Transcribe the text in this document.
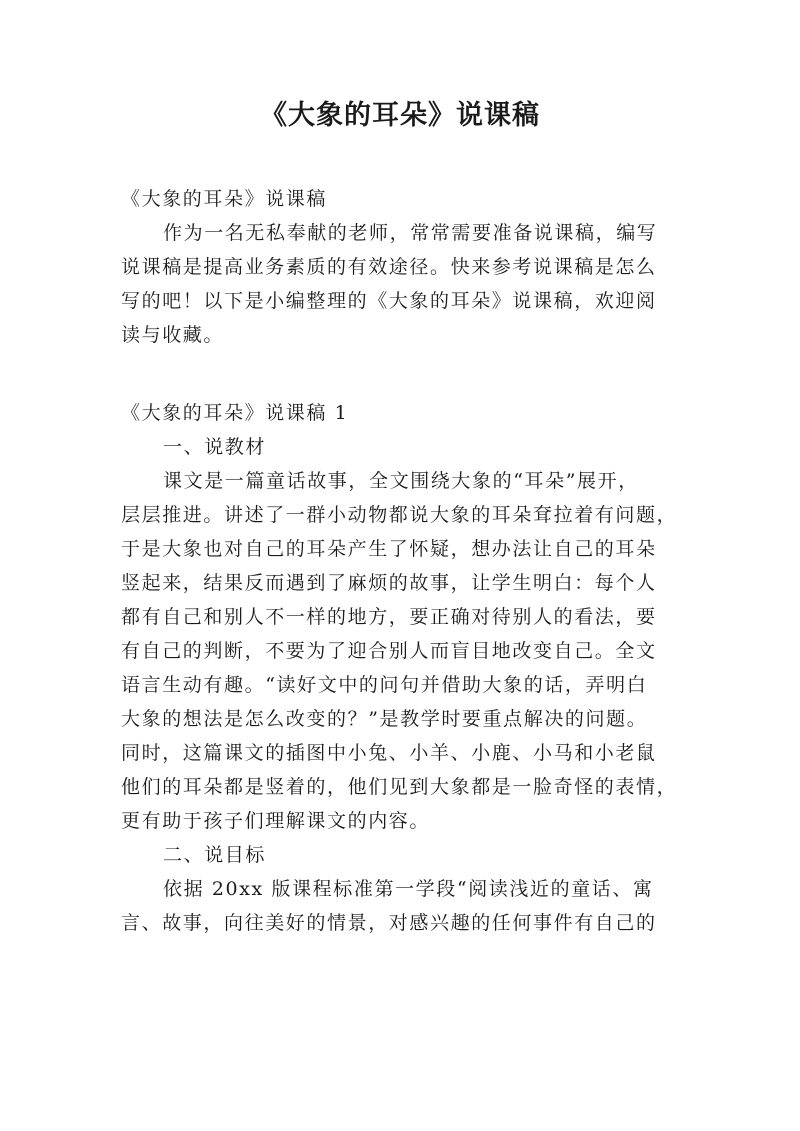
《大象的耳朵》说课稿
《大象的耳朵》说课稿
作为一名无私奉献的老师，常常需要准备说课稿，编写
说课稿是提高业务素质的有效途径。快来参考说课稿是怎么
写的吧！以下是小编整理的《大象的耳朵》说课稿，欢迎阅
读与收藏。
《大象的耳朵》说课稿 1
一、说教材
课文是一篇童话故事，全文围绕大象的“耳朵”展开，
层层推进。讲述了一群小动物都说大象的耳朵耷拉着有问题，
于是大象也对自己的耳朵产生了怀疑，想办法让自己的耳朵
竖起来，结果反而遇到了麻烦的故事，让学生明白：每个人
都有自己和别人不一样的地方，要正确对待别人的看法，要
有自己的判断，不要为了迎合别人而盲目地改变自己。全文
语言生动有趣。“读好文中的问句并借助大象的话，弄明白
大象的想法是怎么改变的？”是教学时要重点解决的问题。
同时，这篇课文的插图中小兔、小羊、小鹿、小马和小老鼠
他们的耳朵都是竖着的，他们见到大象都是一脸奇怪的表情，
更有助于孩子们理解课文的内容。
二、说目标
依据 20xx 版课程标准第一学段“阅读浅近的童话、寓
言、故事，向往美好的情景，对感兴趣的任何事件有自己的
